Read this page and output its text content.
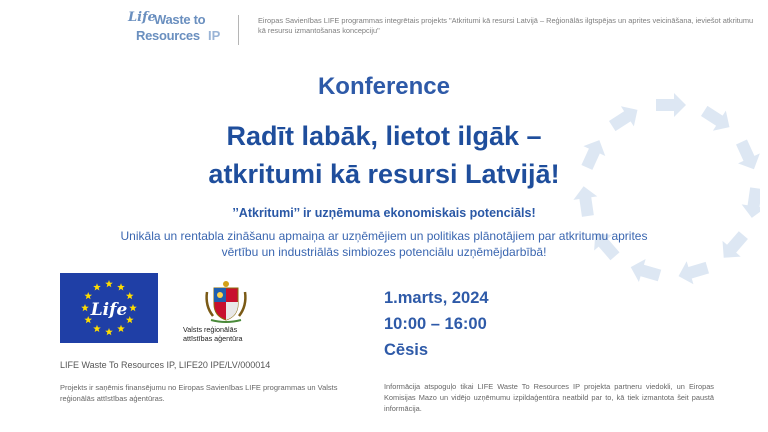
Life
Waste to
Resources IP
Eiropas Savienības LIFE programmas integrētais projekts "Atkritumi kā resursi Latvijā – Reģionālās ilgtspējas un aprites veicināšana, ieviešot atkritumu kā resursu izmantošanas koncepciju"
Konference
Radīt labāk, lietot ilgāk –
atkritumi kā resursi Latvijā!
’’Atkritumi’’ ir uzņēmuma ekonomiskais potenciāls!
Unikāla un rentabla zināšanu apmaiņa ar uzņēmējiem un politikas plānotājiem par atkritumu aprites
vērtību un industriālās simbiozes potenciālu uzņēmējdarbībā!
Life
Valsts reģionālās
attīstības aģentūra
1.marts, 2024
10:00 – 16:00
Cēsis
LIFE Waste To Resources IP, LIFE20 IPE/LV/000014
Projekts ir saņēmis finansējumu no Eiropas Savienības LIFE programmas un Valsts reģionālās attīstības aģentūras.
Informācija atspoguļo tikai LIFE Waste To Resources IP projekta partneru viedokli, un Eiropas Komisijas Mazo un vidējo uzņēmumu izpildaģentūra neatbild par to, kā tiek izmantota šeit paustā informācija.
